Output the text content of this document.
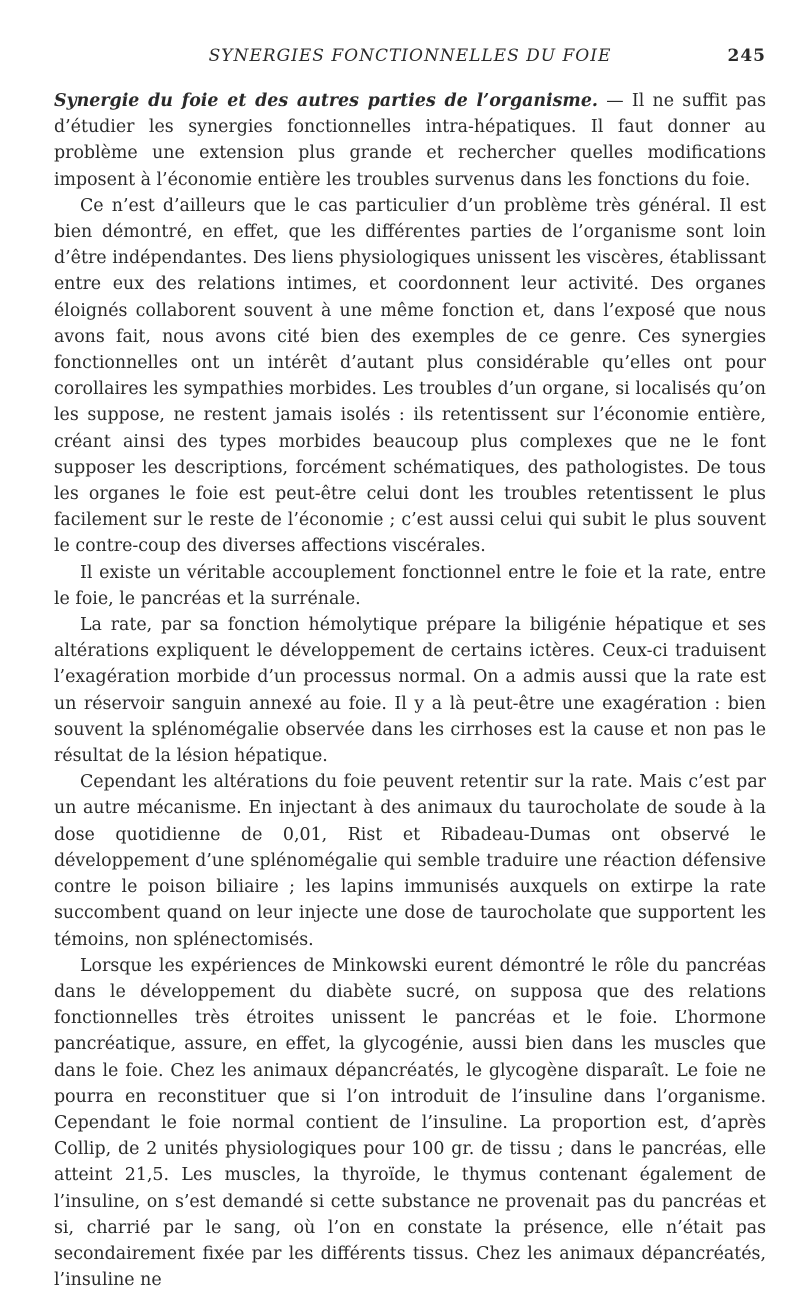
SYNERGIES FONCTIONNELLES DU FOIE	245

Synergie du foie et des autres parties de l’organisme. — Il ne suffit pas d’étudier les synergies fonctionnelles intra-hépatiques. Il faut donner au problème une extension plus grande et rechercher quelles modifications imposent à l’économie entière les troubles survenus dans les fonctions du foie.

Ce n’est d’ailleurs que le cas particulier d’un problème très général. Il est bien démontré, en effet, que les différentes parties de l’organisme sont loin d’être indépendantes. Des liens physiologiques unissent les viscères, établissant entre eux des relations intimes, et coordonnent leur activité. Des organes éloignés collaborent souvent à une même fonction et, dans l’exposé que nous avons fait, nous avons cité bien des exemples de ce genre. Ces synergies fonctionnelles ont un intérêt d’autant plus considérable qu’elles ont pour corollaires les sympathies morbides. Les troubles d’un organe, si localisés qu’on les suppose, ne restent jamais isolés : ils retentissent sur l’économie entière, créant ainsi des types morbides beaucoup plus complexes que ne le font supposer les descriptions, forcément schématiques, des pathologistes. De tous les organes le foie est peut-être celui dont les troubles retentissent le plus facilement sur le reste de l’économie ; c’est aussi celui qui subit le plus souvent le contre-coup des diverses affections viscérales.

Il existe un véritable accouplement fonctionnel entre le foie et la rate, entre le foie, le pancréas et la surrénale.

La rate, par sa fonction hémolytique prépare la biligénie hépatique et ses altérations expliquent le développement de certains ictères. Ceux-ci traduisent l’exagération morbide d’un processus normal. On a admis aussi que la rate est un réservoir sanguin annexé au foie. Il y a là peut-être une exagération : bien souvent la splénomégalie observée dans les cirrhoses est la cause et non pas le résultat de la lésion hépatique.

Cependant les altérations du foie peuvent retentir sur la rate. Mais c’est par un autre mécanisme. En injectant à des animaux du taurocholate de soude à la dose quotidienne de 0,01, Rist et Ribadeau-Dumas ont observé le développement d’une splénomégalie qui semble traduire une réaction défensive contre le poison biliaire ; les lapins immunisés auxquels on extirpe la rate succombent quand on leur injecte une dose de taurocholate que supportent les témoins, non splénectomisés.

Lorsque les expériences de Minkowski eurent démontré le rôle du pancréas dans le développement du diabète sucré, on supposa que des relations fonctionnelles très étroites unissent le pancréas et le foie. L’hormone pancréatique, assure, en effet, la glycogénie, aussi bien dans les muscles que dans le foie. Chez les animaux dépancréatés, le glycogène disparaît. Le foie ne pourra en reconstituer que si l’on introduit de l’insuline dans l’organisme. Cependant le foie normal contient de l’insuline. La proportion est, d’après Collip, de 2 unités physiologiques pour 100 gr. de tissu ; dans le pancréas, elle atteint 21,5. Les muscles, la thyroïde, le thymus contenant également de l’insuline, on s’est demandé si cette substance ne provenait pas du pancréas et si, charrié par le sang, où l’on en constate la présence, elle n’était pas secondairement fixée par les différents tissus. Chez les animaux dépancréatés, l’insuline ne
